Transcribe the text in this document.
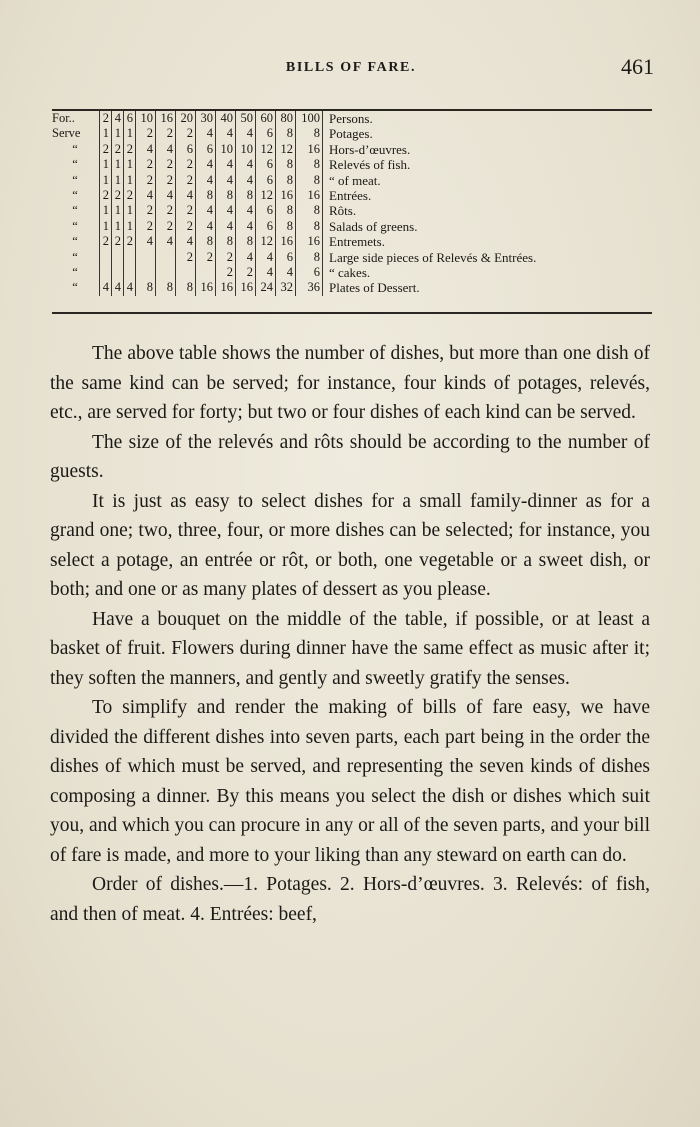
BILLS OF FARE.	461
For..	2	4	6	10	16	20	30	40	50	60	80	100	Persons.
Serve	1	1	1	2	2	2	4	4	4	6	8	8	Potages.
“	2	2	2	4	4	6	6	10	10	12	12	16	Hors-d’œuvres.
“	1	1	1	2	2	2	4	4	4	6	8	8	Relevés of fish.
“	1	1	1	2	2	2	4	4	4	6	8	8	“ of meat.
“	2	2	2	4	4	4	8	8	8	12	16	16	Entrées.
“	1	1	1	2	2	2	4	4	4	6	8	8	Rôts.
“	1	1	1	2	2	2	4	4	4	6	8	8	Salads of greens.
“	2	2	2	4	4	4	8	8	8	12	16	16	Entremets.
“						2	2	2	4	4	6	8	Large side pieces of Relevés & Entrées.
“								2	2	4	4	6	“ cakes.
“	4	4	4	8	8	8	16	16	16	24	32	36	Plates of Dessert.

The above table shows the number of dishes, but more than one dish of the same kind can be served; for instance, four kinds of potages, relevés, etc., are served for forty; but two or four dishes of each kind can be served.

The size of the relevés and rôts should be according to the number of guests.

It is just as easy to select dishes for a small family-dinner as for a grand one; two, three, four, or more dishes can be selected; for instance, you select a potage, an entrée or rôt, or both, one vegetable or a sweet dish, or both; and one or as many plates of dessert as you please.

Have a bouquet on the middle of the table, if possible, or at least a basket of fruit. Flowers during dinner have the same effect as music after it; they soften the manners, and gently and sweetly gratify the senses.

To simplify and render the making of bills of fare easy, we have divided the different dishes into seven parts, each part being in the order the dishes of which must be served, and representing the seven kinds of dishes composing a dinner. By this means you select the dish or dishes which suit you, and which you can procure in any or all of the seven parts, and your bill of fare is made, and more to your liking than any steward on earth can do.

Order of dishes.—1. Potages. 2. Hors-d’œuvres. 3. Relevés: of fish, and then of meat. 4. Entrées: beef,
